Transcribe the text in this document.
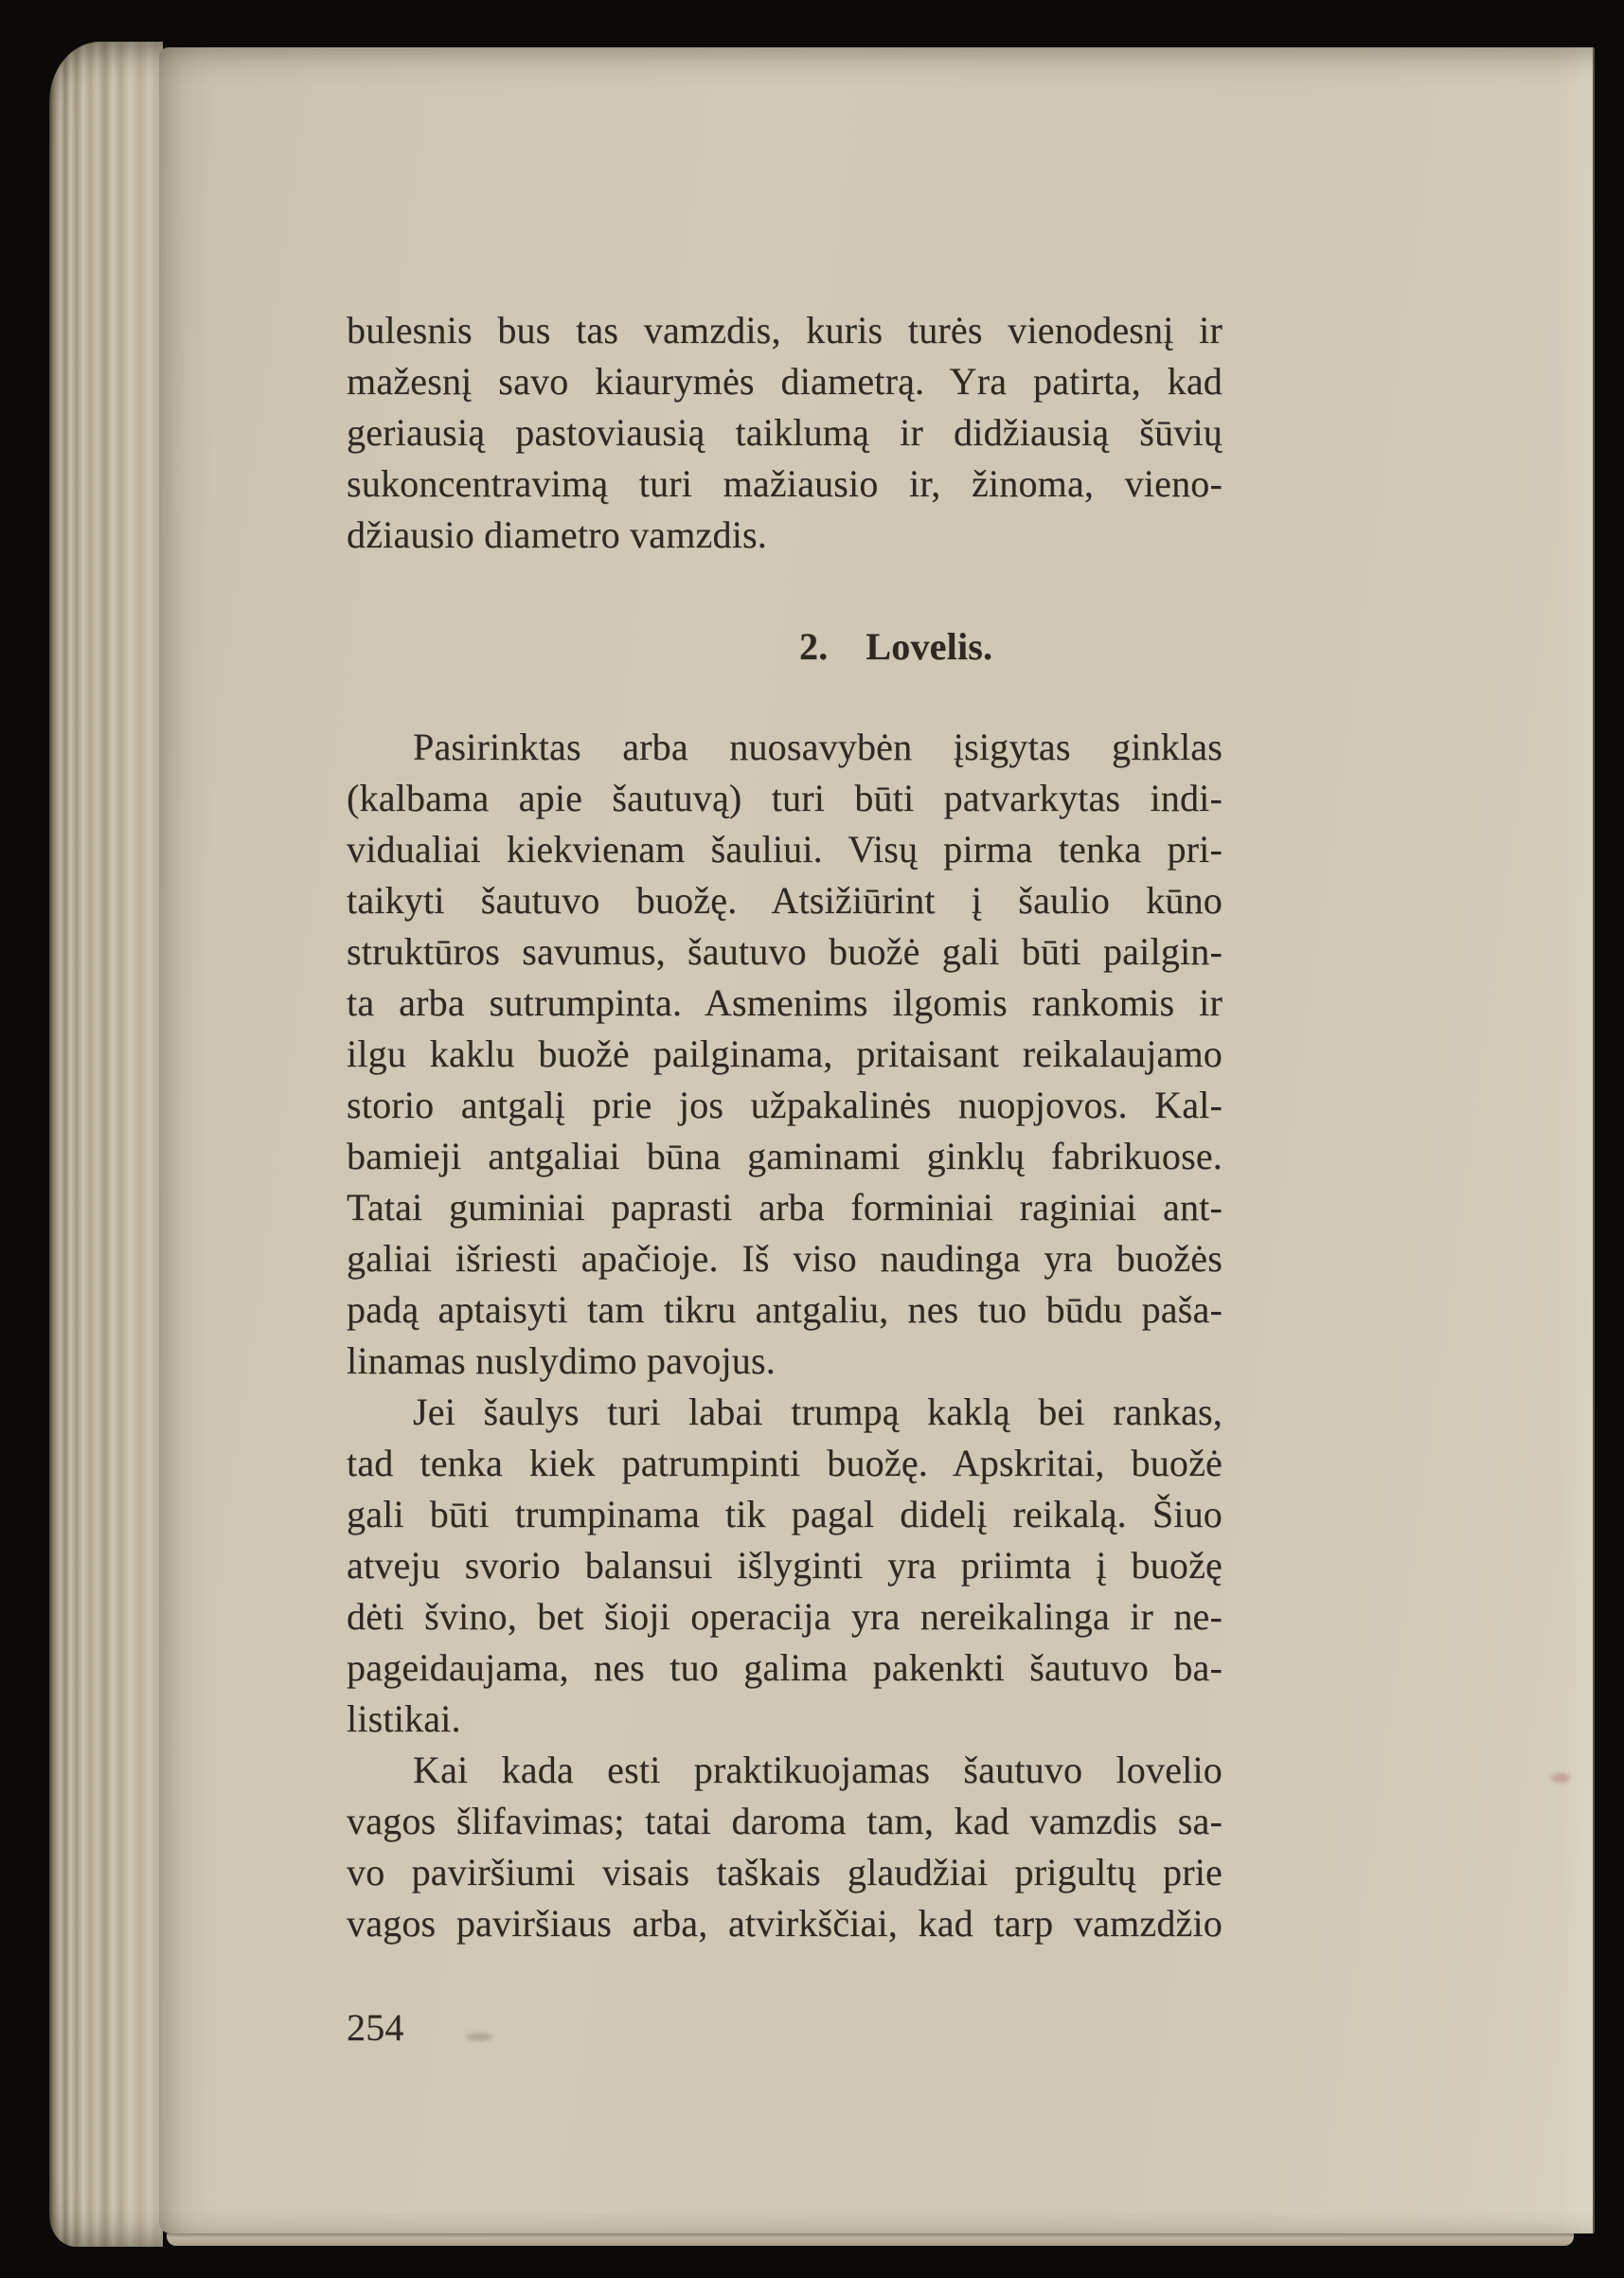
bulesnis bus tas vamzdis, kuris turės vienodesnį ir
mažesnį savo kiaurymės diametrą. Yra patirta, kad
geriausią pastoviausią taiklumą ir didžiausią šūvių
sukoncentravimą turi mažiausio ir, žinoma, vieno-
džiausio diametro vamzdis.
2. Lovelis.
Pasirinktas arba nuosavybėn įsigytas ginklas
(kalbama apie šautuvą) turi būti patvarkytas indi-
vidualiai kiekvienam šauliui. Visų pirma tenka pri-
taikyti šautuvo buožę. Atsižiūrint į šaulio kūno
struktūros savumus, šautuvo buožė gali būti pailgin-
ta arba sutrumpinta. Asmenims ilgomis rankomis ir
ilgu kaklu buožė pailginama, pritaisant reikalaujamo
storio antgalį prie jos užpakalinės nuopjovos. Kal-
bamieji antgaliai būna gaminami ginklų fabrikuose.
Tatai guminiai paprasti arba forminiai raginiai ant-
galiai išriesti apačioje. Iš viso naudinga yra buožės
padą aptaisyti tam tikru antgaliu, nes tuo būdu paša-
linamas nuslydimo pavojus.
Jei šaulys turi labai trumpą kaklą bei rankas,
tad tenka kiek patrumpinti buožę. Apskritai, buožė
gali būti trumpinama tik pagal didelį reikalą. Šiuo
atveju svorio balansui išlyginti yra priimta į buožę
dėti švino, bet šioji operacija yra nereikalinga ir ne-
pageidaujama, nes tuo galima pakenkti šautuvo ba-
listikai.
Kai kada esti praktikuojamas šautuvo lovelio
vagos šlifavimas; tatai daroma tam, kad vamzdis sa-
vo paviršiumi visais taškais glaudžiai prigultų prie
vagos paviršiaus arba, atvirkščiai, kad tarp vamzdžio
254
